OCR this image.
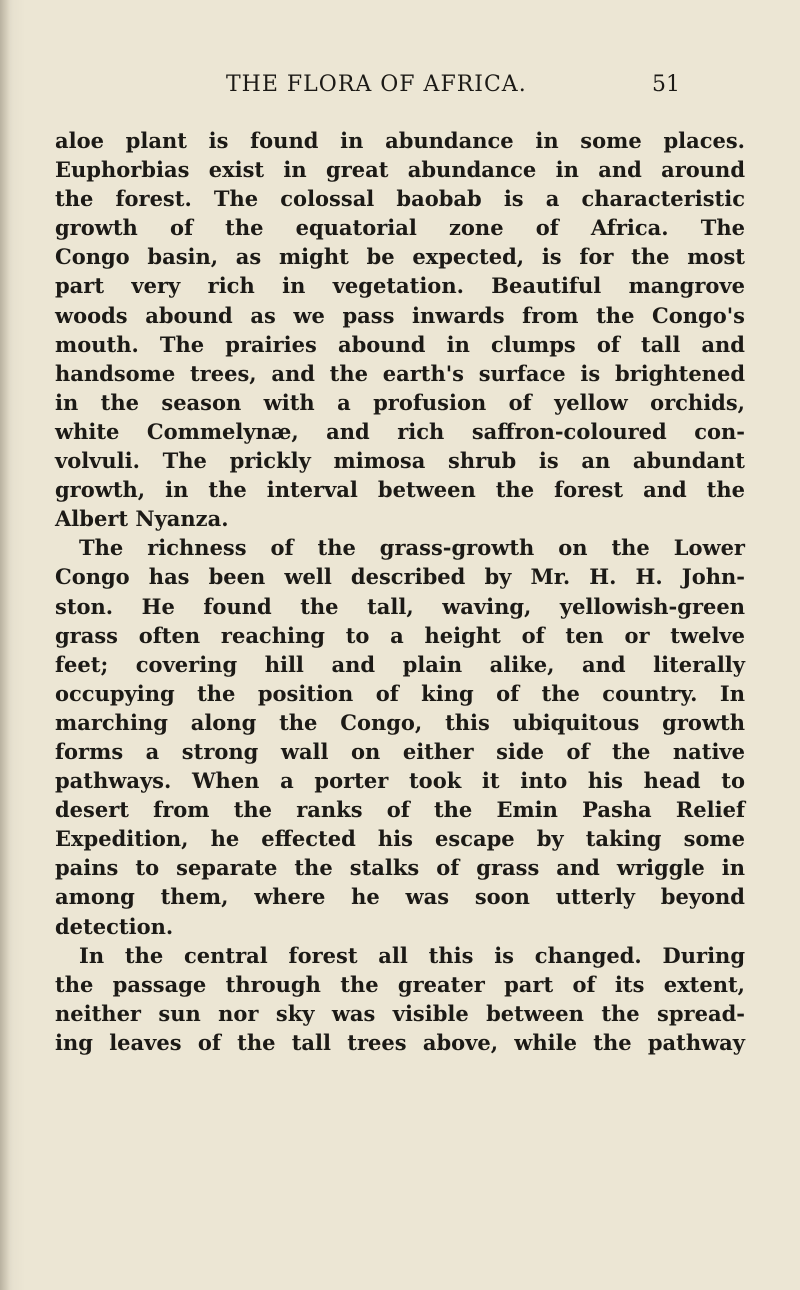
THE FLORA OF AFRICA.	51
aloe plant is found in abundance in some places.
Euphorbias exist in great abundance in and around
the forest. The colossal baobab is a characteristic
growth of the equatorial zone of Africa. The
Congo basin, as might be expected, is for the most
part very rich in vegetation. Beautiful mangrove
woods abound as we pass inwards from the Congo's
mouth. The prairies abound in clumps of tall and
handsome trees, and the earth's surface is brightened
in the season with a profusion of yellow orchids,
white Commelynæ, and rich saffron-coloured con-
volvuli. The prickly mimosa shrub is an abundant
growth, in the interval between the forest and the
Albert Nyanza.
The richness of the grass-growth on the Lower
Congo has been well described by Mr. H. H. John-
ston. He found the tall, waving, yellowish-green
grass often reaching to a height of ten or twelve
feet; covering hill and plain alike, and literally
occupying the position of king of the country. In
marching along the Congo, this ubiquitous growth
forms a strong wall on either side of the native
pathways. When a porter took it into his head to
desert from the ranks of the Emin Pasha Relief
Expedition, he effected his escape by taking some
pains to separate the stalks of grass and wriggle in
among them, where he was soon utterly beyond
detection.
In the central forest all this is changed. During
the passage through the greater part of its extent,
neither sun nor sky was visible between the spread-
ing leaves of the tall trees above, while the pathway
